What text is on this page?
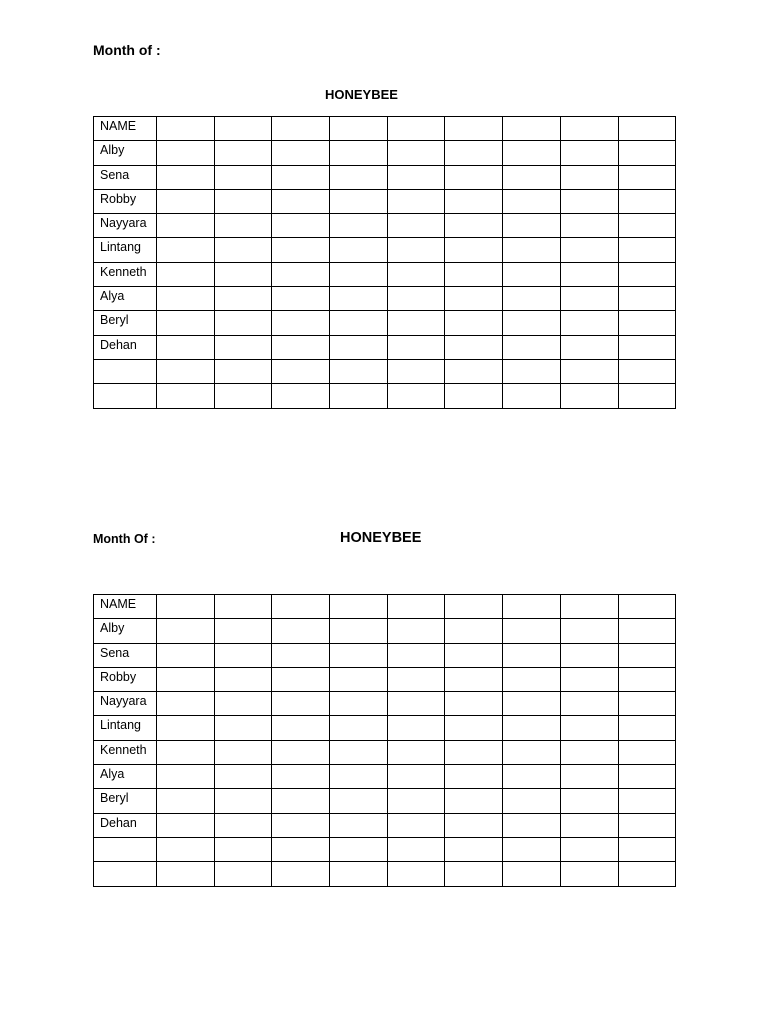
Month of :
HONEYBEE
NAME									
Alby									
Sena									
Robby									
Nayyara									
Lintang									
Kenneth									
Alya									
Beryl									
Dehan									

Month Of :	HONEYBEE
NAME									
Alby									
Sena									
Robby									
Nayyara									
Lintang									
Kenneth									
Alya									
Beryl									
Dehan									
